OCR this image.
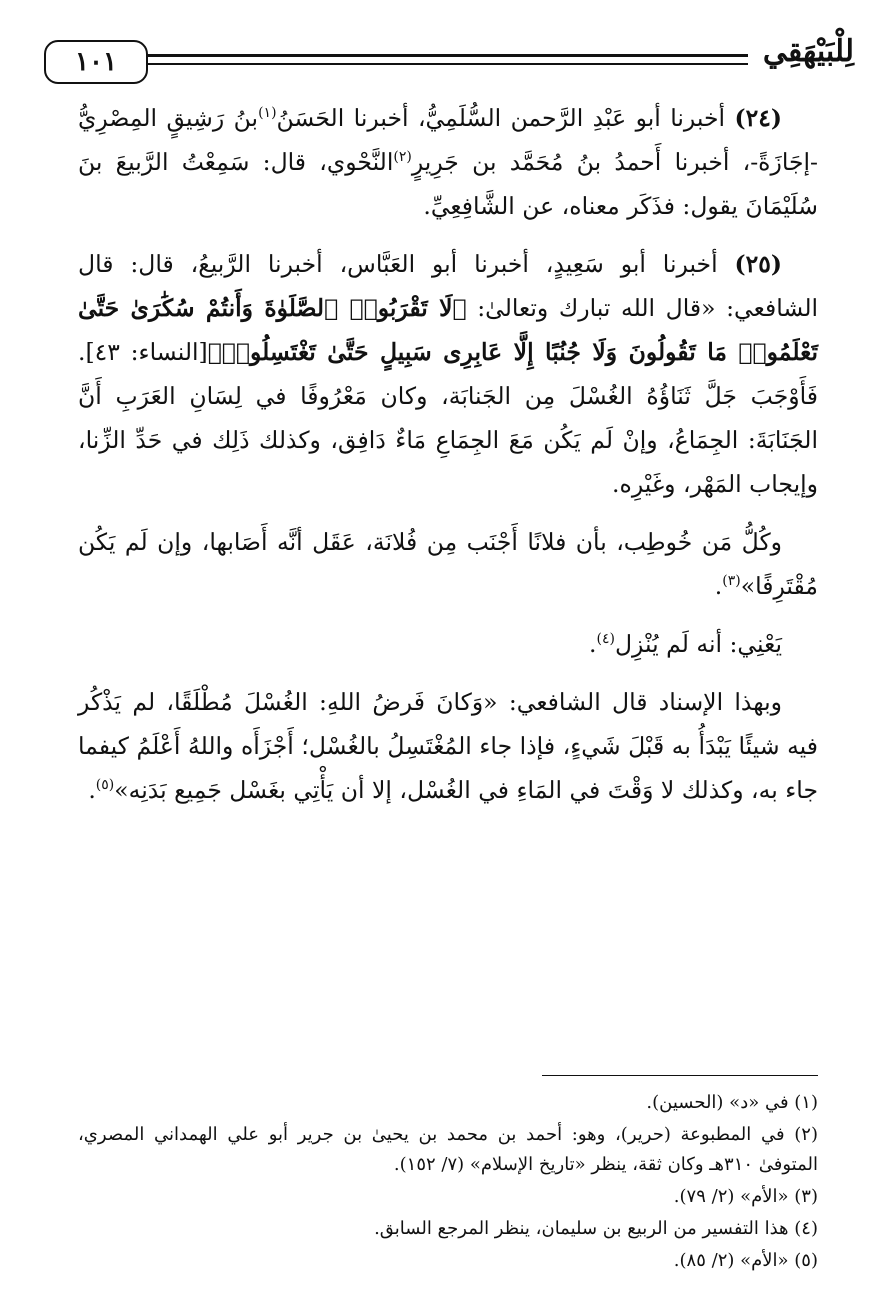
١٠١	لِلْبَيْهَقِي

(٢٤) أخبرنا أبو عَبْدِ الرَّحمن السُّلَمِيُّ، أخبرنا الحَسَنُ$^{(١)}$بنُ رَشِيقٍ المِصْرِيُّ -إجَازَةً-، أخبرنا أَحمدُ بنُ مُحَمَّد بن جَرِيرٍ$^{(٢)}$النَّحْوي، قال: سَمِعْتُ الرَّبيعَ بنَ سُلَيْمَانَ يقول: فذَكَر معناه، عن الشَّافِعِيِّ.

(٢٥) أخبرنا أبو سَعِيدٍ، أخبرنا أبو العَبَّاس، أخبرنا الرَّبيعُ، قال: قال الشافعي: «قال الله تبارك وتعالىٰ: ﴿لَا تَقْرَبُوا۟ ٱلصَّلَوٰةَ وَأَنتُمْ سُكَٰرَىٰ حَتَّىٰ تَعْلَمُوا۟ مَا تَقُولُونَ وَلَا جُنُبًا إِلَّا عَابِرِى سَبِيلٍ حَتَّىٰ تَغْتَسِلُوا۟﴾[النساء: ٤٣]. فَأَوْجَبَ جَلَّ ثَنَاؤُهُ الغُسْلَ مِن الجَنابَة، وكان مَعْرُوفًا في لِسَانِ العَرَبِ أَنَّ الجَنَابَةَ: الجِمَاعُ، وإنْ لَم يَكُن مَعَ الجِمَاعِ مَاءٌ دَافِق، وكذلك ذَلِك في حَدِّ الزِّنا، وإيجاب المَهْر، وغَيْرِه.

وكُلُّ مَن خُوطِب، بأن فلانًا أَجْنَب مِن فُلانَة، عَقَل أنَّه أَصَابها، وإن لَم يَكُن مُقْتَرِفًا»$^{(٣)}$.

يَعْنِي: أنه لَم يُنْزِل$^{(٤)}$.

وبهذا الإسناد قال الشافعي: «وَكانَ فَرضُ اللهِ: الغُسْلَ مُطْلَقًا، لم يَذْكُر فيه شيئًا يَبْدَأُ به قَبْلَ شَيءٍ، فإذا جاء المُغْتَسِلُ بالغُسْل؛ أَجْزَأَه واللهُ أَعْلَمُ كيفما جاء به، وكذلك لا وَقْتَ في المَاءِ في الغُسْل، إلا أن يَأْتِي بغَسْل جَمِيع بَدَنِه»$^{(٥)}$.

(١) في «د» (الحسين).
(٢) في المطبوعة (حرير)، وهو: أحمد بن محمد بن يحيىٰ بن جرير أبو علي الهمداني المصري، المتوفىٰ ٣١٠هـ وكان ثقة، ينظر «تاريخ الإسلام» (٧/ ١٥٢).
(٣) «الأم» (٢/ ٧٩).
(٤) هذا التفسير من الربيع بن سليمان، ينظر المرجع السابق.
(٥) «الأم» (٢/ ٨٥).
